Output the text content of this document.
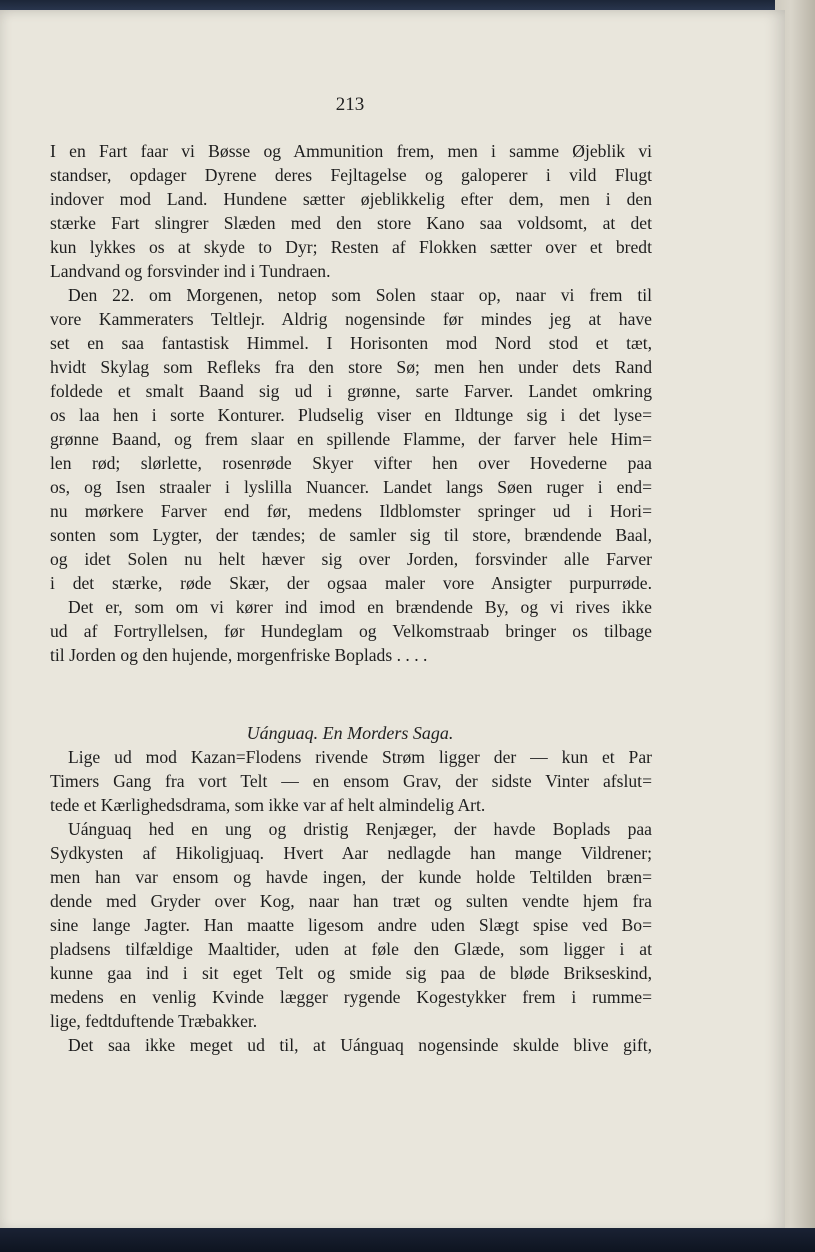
213
I en Fart faar vi Bøsse og Ammunition frem, men i samme Øjeblik vi
standser, opdager Dyrene deres Fejltagelse og galoperer i vild Flugt
indover mod Land. Hundene sætter øjeblikkelig efter dem, men i den
stærke Fart slingrer Slæden med den store Kano saa voldsomt, at det
kun lykkes os at skyde to Dyr; Resten af Flokken sætter over et bredt
Landvand og forsvinder ind i Tundraen.
Den 22. om Morgenen, netop som Solen staar op, naar vi frem til
vore Kammeraters Teltlejr. Aldrig nogensinde før mindes jeg at have
set en saa fantastisk Himmel. I Horisonten mod Nord stod et tæt,
hvidt Skylag som Refleks fra den store Sø; men hen under dets Rand
foldede et smalt Baand sig ud i grønne, sarte Farver. Landet omkring
os laa hen i sorte Konturer. Pludselig viser en Ildtunge sig i det lyse=
grønne Baand, og frem slaar en spillende Flamme, der farver hele Him=
len rød; slørlette, rosenrøde Skyer vifter hen over Hovederne paa
os, og Isen straaler i lyslilla Nuancer. Landet langs Søen ruger i end=
nu mørkere Farver end før, medens Ildblomster springer ud i Hori=
sonten som Lygter, der tændes; de samler sig til store, brændende Baal,
og idet Solen nu helt hæver sig over Jorden, forsvinder alle Farver
i det stærke, røde Skær, der ogsaa maler vore Ansigter purpurrøde.
Det er, som om vi kører ind imod en brændende By, og vi rives ikke
ud af Fortryllelsen, før Hundeglam og Velkomstraab bringer os tilbage
til Jorden og den hujende, morgenfriske Boplads . . . .
Uánguaq. En Morders Saga.
Lige ud mod Kazan=Flodens rivende Strøm ligger der — kun et Par
Timers Gang fra vort Telt — en ensom Grav, der sidste Vinter afslut=
tede et Kærlighedsdrama, som ikke var af helt almindelig Art.
Uánguaq hed en ung og dristig Renjæger, der havde Boplads paa
Sydkysten af Hikoligjuaq. Hvert Aar nedlagde han mange Vildrener;
men han var ensom og havde ingen, der kunde holde Teltilden bræn=
dende med Gryder over Kog, naar han træt og sulten vendte hjem fra
sine lange Jagter. Han maatte ligesom andre uden Slægt spise ved Bo=
pladsens tilfældige Maaltider, uden at føle den Glæde, som ligger i at
kunne gaa ind i sit eget Telt og smide sig paa de bløde Brikseskind,
medens en venlig Kvinde lægger rygende Kogestykker frem i rumme=
lige, fedtduftende Træbakker.
Det saa ikke meget ud til, at Uánguaq nogensinde skulde blive gift,
